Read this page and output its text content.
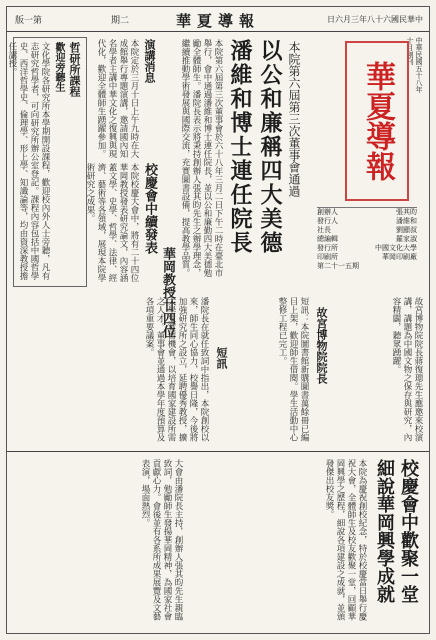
版一第	期二	華夏導報	日六月三年八十六國民華中
中華民國五十八年十月創刊
華夏導報
創辦人	張其昀
發行人	潘維和
社長	劉顯叔
總編輯	羅家淑
發行所	中國文化大學
印刷所	華岡印刷廠
第二十一五期
本院第六屆第三次董事會通過
以公和廉稱四大美德
潘維和博士連任院長
本院第六屆第三次董事會於六十八年三月二日下午二時在臺北市舉行，會中通過潘維和博士連任院長，並以公和廉勤四大美德勉勵全體師生。潘院長表示將秉持創辦人張其昀先生之辦學理念，繼續推動學術發展與國際交流，充實圖書設備，提高教學品質。
演講消息
本院定於三月十日上午九時在大成館舉行專題演講，邀請國內知名學者主講中華文化之復興與現代化，歡迎全體師生踴躍參加。
哲研所課程
歡迎旁聽生
文化學院各研究所本學期開設課程，歡迎校內外人士旁聽，凡有志研究哲學者，可向研究所辦公室登記。課程內容包括中國哲學史、西洋哲學史、倫理學、形上學、知識論等，均由資深教授擔任講授。
校慶會中續發表
華岡教授廿四位
本院校慶大會中，將有二十四位華岡教授發表研究論文，內容涵蓋文學、史學、哲學、法律、經濟、藝術等各領域，展現本院學術研究之成果。
故宮博物院院長	故宮博物院院長蔣復璁先生應邀來校演講，講題為中國文物之保存與研究，內容精闢，聽眾踴躍。
短訊	短訊：本院圖書館新購圖書萬餘冊已編目上架，歡迎師生借閱。學生活動中心整修工程已完工。
潘院長在就任致詞中指出，本院創校以來，師生同心協力，校譽日隆，今後將加強研究所之設立，延聘優秀教授，擴大學生實習機會，以培育國家建設所需之人才。董事會並通過本學年度預算及各項重要議案。
校慶會中歡聚一堂
細說華岡興學成就
本院為慶祝創校紀念，特於校慶當日舉行慶祝大會，全體師生及校友歡聚一堂，回顧華岡興學之歷程，細說各項建設之成就，並頒發傑出校友獎。
大會由潘院長主持，創辦人張其昀先生親臨致詞，勉勵師生發揚華岡精神，為國家社會貢獻心力。會後並有各系所成果展覽及文藝表演，場面熱烈。
